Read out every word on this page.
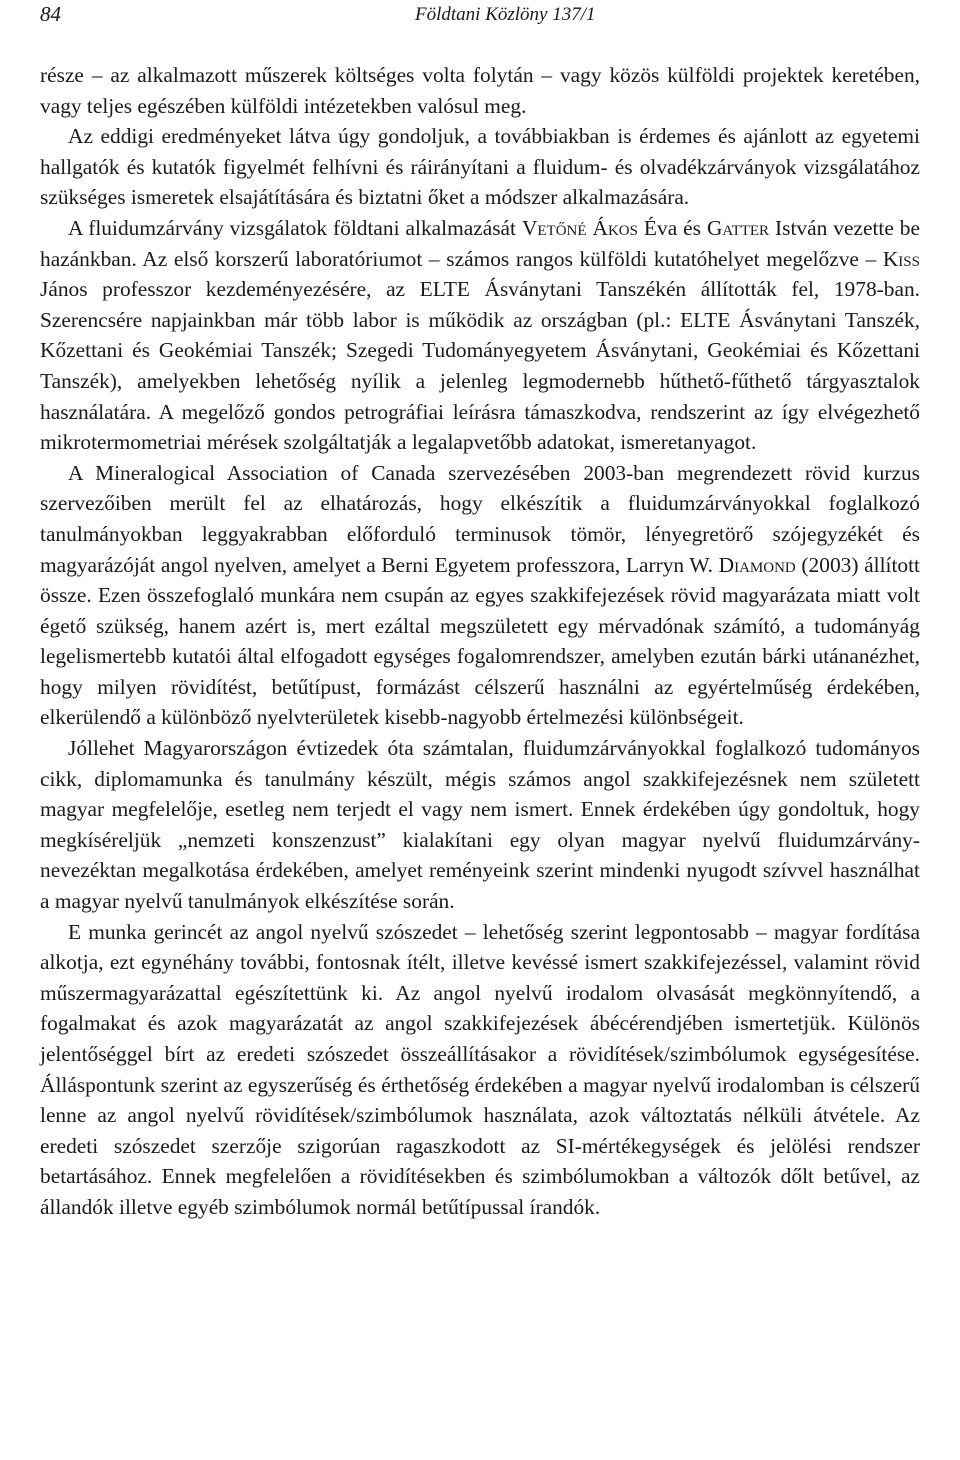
84	Földtani Közlöny 137/1

része – az alkalmazott műszerek költséges volta folytán – vagy közös külföldi projektek keretében, vagy teljes egészében külföldi intézetekben valósul meg.

Az eddigi eredményeket látva úgy gondoljuk, a továbbiakban is érdemes és ajánlott az egyetemi hallgatók és kutatók figyelmét felhívni és ráirányítani a fluidum- és olvadékzárványok vizsgálatához szükséges ismeretek elsajátítására és biztatni őket a módszer alkalmazására.

A fluidumzárvány vizsgálatok földtani alkalmazását Vetőné Ákos Éva és Gatter István vezette be hazánkban. Az első korszerű laboratóriumot – számos rangos külföldi kutatóhelyet megelőzve – Kiss János professzor kezdeményezésére, az ELTE Ásványtani Tanszékén állították fel, 1978-ban. Szerencsére napjainkban már több labor is működik az országban (pl.: ELTE Ásványtani Tanszék, Kőzettani és Geokémiai Tanszék; Szegedi Tudományegyetem Ásványtani, Geokémiai és Kőzettani Tanszék), amelyekben lehetőség nyílik a jelenleg legmodernebb hűthető-fűthető tárgyasztalok használatára. A megelőző gondos petrográfiai leírásra támaszkodva, rendszerint az így elvégezhető mikrotermometriai mérések szolgáltatják a legalapvetőbb adatokat, ismeretanyagot.

A Mineralogical Association of Canada szervezésében 2003-ban megrendezett rövid kurzus szervezőiben merült fel az elhatározás, hogy elkészítik a fluidumzárványokkal foglalkozó tanulmányokban leggyakrabban előforduló terminusok tömör, lényegretörő szójegyzékét és magyarázóját angol nyelven, amelyet a Berni Egyetem professzora, Larryn W. Diamond (2003) állított össze. Ezen összefoglaló munkára nem csupán az egyes szakkifejezések rövid magyarázata miatt volt égető szükség, hanem azért is, mert ezáltal megszületett egy mérvadónak számító, a tudományág legelismertebb kutatói által elfogadott egységes fogalomrendszer, amelyben ezután bárki utánanézhet, hogy milyen rövidítést, betűtípust, formázást célszerű használni az egyértelműség érdekében, elkerülendő a különböző nyelvterületek kisebb-nagyobb értelmezési különbségeit.

Jóllehet Magyarországon évtizedek óta számtalan, fluidumzárványokkal foglalkozó tudományos cikk, diplomamunka és tanulmány készült, mégis számos angol szakkifejezésnek nem született magyar megfelelője, esetleg nem terjedt el vagy nem ismert. Ennek érdekében úgy gondoltuk, hogy megkíséreljük „nemzeti konszenzust” kialakítani egy olyan magyar nyelvű fluidumzárvány-nevezéktan megalkotása érdekében, amelyet reményeink szerint mindenki nyugodt szívvel használhat a magyar nyelvű tanulmányok elkészítése során.

E munka gerincét az angol nyelvű szószedet – lehetőség szerint legpontosabb – magyar fordítása alkotja, ezt egynéhány további, fontosnak ítélt, illetve kevéssé ismert szakkifejezéssel, valamint rövid műszermagyarázattal egészítettünk ki. Az angol nyelvű irodalom olvasását megkönnyítendő, a fogalmakat és azok magyarázatát az angol szakkifejezések ábécérendjében ismertetjük. Különös jelentőséggel bírt az eredeti szószedet összeállításakor a rövidítések/szimbólumok egységesítése. Álláspontunk szerint az egyszerűség és érthetőség érdekében a magyar nyelvű irodalomban is célszerű lenne az angol nyelvű rövidítések/szimbólumok használata, azok változtatás nélküli átvétele. Az eredeti szószedet szerzője szigorúan ragaszkodott az SI-mértékegységek és jelölési rendszer betartásához. Ennek megfelelően a rövidítésekben és szimbólumokban a változók dőlt betűvel, az állandók illetve egyéb szimbólumok normál betűtípussal írandók.
